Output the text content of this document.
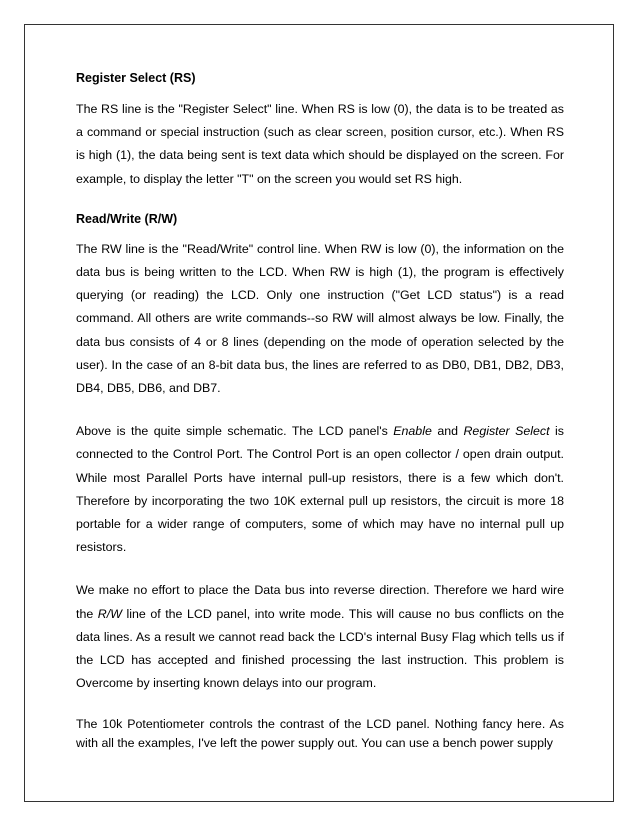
Register Select (RS)

The RS line is the "Register Select" line. When RS is low (0), the data is to be treated as a command or special instruction (such as clear screen, position cursor, etc.). When RS is high (1), the data being sent is text data which should be displayed on the screen. For example, to display the letter "T" on the screen you would set RS high.

Read/Write (R/W)

The RW line is the "Read/Write" control line. When RW is low (0), the information on the data bus is being written to the LCD. When RW is high (1), the program is effectively querying (or reading) the LCD. Only one instruction ("Get LCD status") is a read command. All others are write commands--so RW will almost always be low. Finally, the data bus consists of 4 or 8 lines (depending on the mode of operation selected by the user). In the case of an 8-bit data bus, the lines are referred to as DB0, DB1, DB2, DB3, DB4, DB5, DB6, and DB7.

Above is the quite simple schematic. The LCD panel's Enable and Register Select is connected to the Control Port. The Control Port is an open collector / open drain output. While most Parallel Ports have internal pull-up resistors, there is a few which don't. Therefore by incorporating the two 10K external pull up resistors, the circuit is more 18 portable for a wider range of computers, some of which may have no internal pull up resistors.

We make no effort to place the Data bus into reverse direction. Therefore we hard wire the R/W line of the LCD panel, into write mode. This will cause no bus conflicts on the data lines. As a result we cannot read back the LCD's internal Busy Flag which tells us if the LCD has accepted and finished processing the last instruction. This problem is Overcome by inserting known delays into our program.

The 10k Potentiometer controls the contrast of the LCD panel. Nothing fancy here. As with all the examples, I've left the power supply out. You can use a bench power supply
